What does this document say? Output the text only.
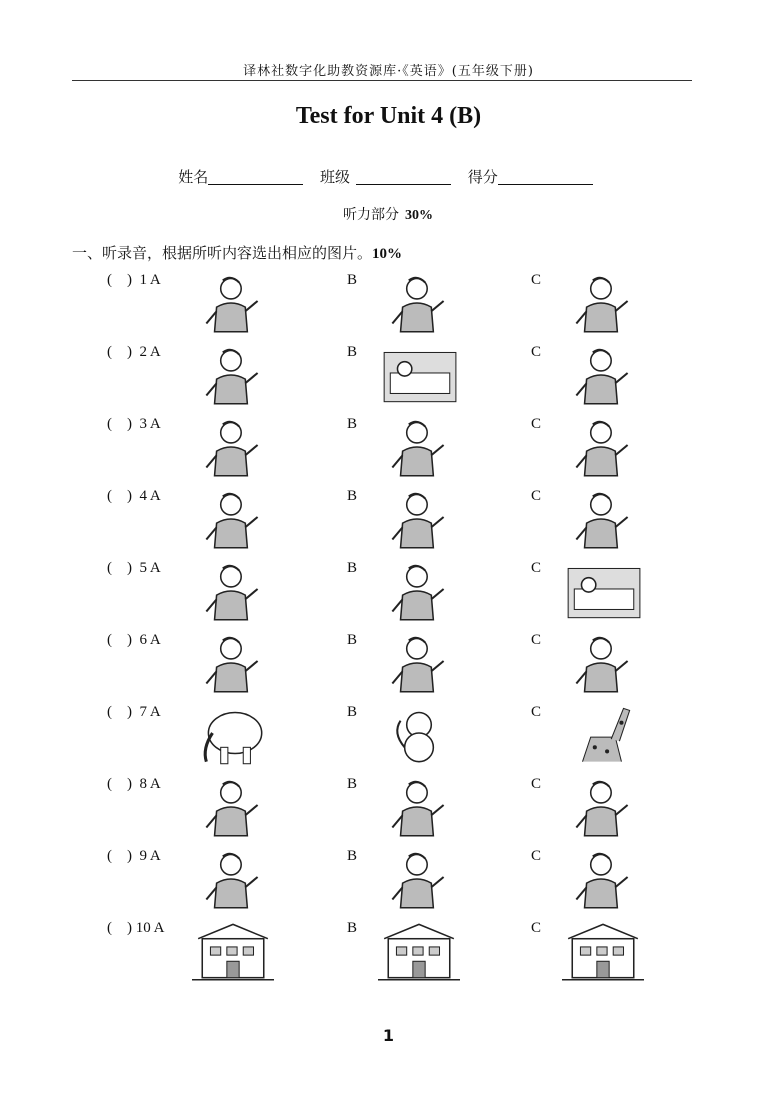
译林社数字化助教资源库·《英语》(五年级下册)
Test for Unit 4 (B)
姓名	班级	得分
听力部分 30%
一、听录音，根据所听内容选出相应的图片。10%
(    )  1 A	B	C
(    )  2 A	B	C
(    )  3 A	B	C
(    )  4 A	B	C
(    )  5 A	B	C
(    )  6 A	B	C
(    )  7 A	B	C
(    )  8 A	B	C
(    )  9 A	B	C
(    ) 10 A	B	C
1
